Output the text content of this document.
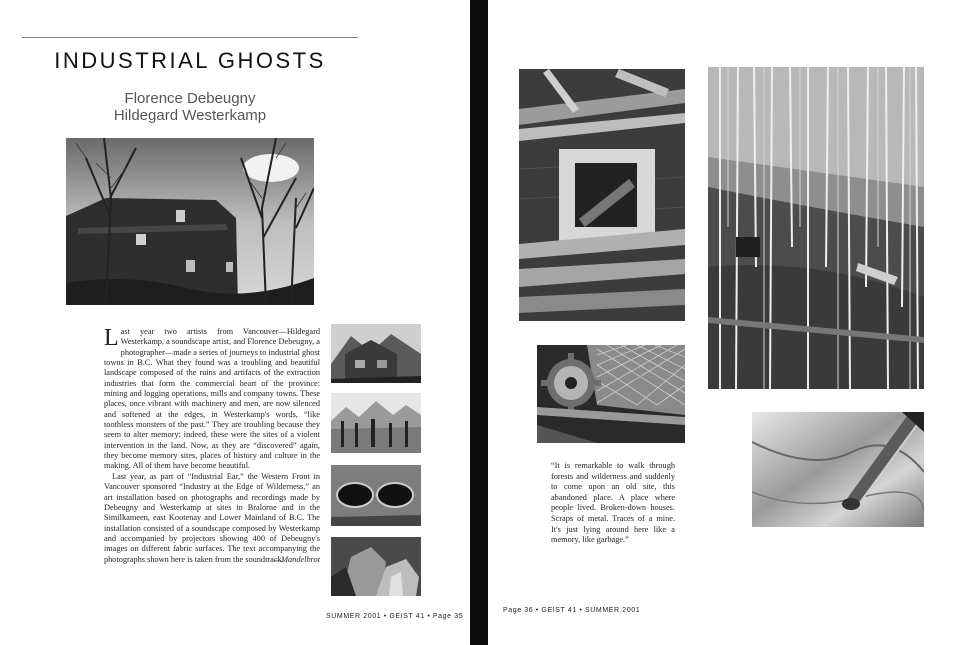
INDUSTRIAL GHOSTS
Florence Debeugny
Hildegard Westerkamp

Last year two artists from Vancouver—Hildegard Westerkamp, a soundscape artist, and Florence Debeugny, a photographer—made a series of journeys to industrial ghost towns in B.C. What they found was a troubling and beautiful landscape composed of the ruins and artifacts of the extraction industries that form the commercial heart of the province: mining and logging operations, mills and company towns. These places, once vibrant with machinery and men, are now silenced and softened at the edges, in Westerkamp's words, “like toothless monsters of the past.” They are troubling because they seem to alter memory: indeed, these were the sites of a violent intervention in the land. Now, as they are “discovered” again, they become memory sites, places of history and culture in the making. All of them have become beautiful.

Last year, as part of “Industrial Ear,” the Western Front in Vancouver sponsored “Industry at the Edge of Wilderness,” an art installation based on photographs and recordings made by Debeugny and Westerkamp at sites in Bralorne and in the Similkameen, east Kootenay and Lower Mainland of B.C. The installation consisted of a soundscape composed by Westerkamp and accompanied by projectors showing 400 of Debeugny's images on different fabric surfaces. The text accompanying the photographs shown here is taken from the soundtrack.

—Mandelbrot
SUMMER 2001 • GEIST 41 • Page 35
Page 36 • GEIST 41 • SUMMER 2001
“It is remarkable to walk through forests and wilderness and suddenly to come upon an old site, this abandoned place. A place where people lived. Broken-down houses. Scraps of metal. Traces of a mine. It's just lying around here like a memory, like garbage.”
